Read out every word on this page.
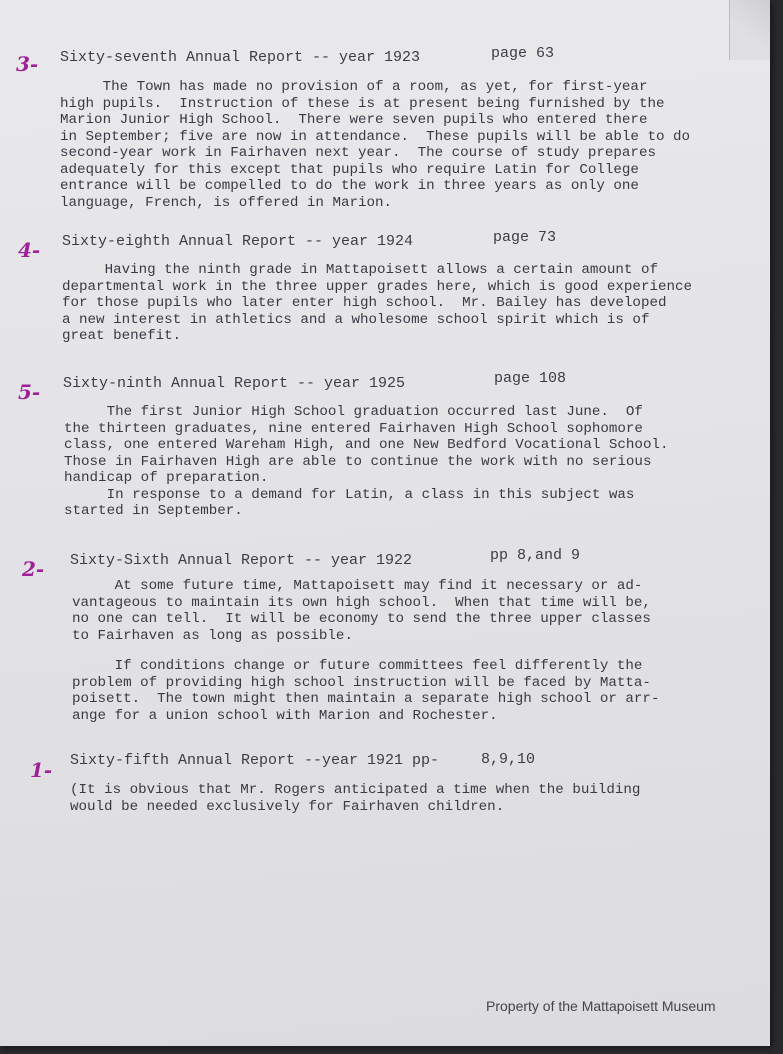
3- Sixty-seventh Annual Report -- year 1923	page 63
The Town has made no provision of a room, as yet, for first-year
high pupils.  Instruction of these is at present being furnished by the
Marion Junior High School.  There were seven pupils who entered there
in September; five are now in attendance.  These pupils will be able to do
second-year work in Fairhaven next year.  The course of study prepares
adequately for this except that pupils who require Latin for College
entrance will be compelled to do the work in three years as only one
language, French, is offered in Marion.
4- Sixty-eighth Annual Report -- year 1924	page 73
Having the ninth grade in Mattapoisett allows a certain amount of
departmental work in the three upper grades here, which is good experience
for those pupils who later enter high school.  Mr. Bailey has developed
a new interest in athletics and a wholesome school spirit which is of
great benefit.
5- Sixty-ninth Annual Report -- year 1925	page 108
The first Junior High School graduation occurred last June.  Of
the thirteen graduates, nine entered Fairhaven High School sophomore
class, one entered Wareham High, and one New Bedford Vocational School.
Those in Fairhaven High are able to continue the work with no serious
handicap of preparation.
In response to a demand for Latin, a class in this subject was
started in September.
2- Sixty-Sixth Annual Report -- year 1922	pp 8,and 9
At some future time, Mattapoisett may find it necessary or ad-
vantageous to maintain its own high school.  When that time will be,
no one can tell.  It will be economy to send the three upper classes
to Fairhaven as long as possible.
If conditions change or future committees feel differently the
problem of providing high school instruction will be faced by Matta-
poisett.  The town might then maintain a separate high school or arr-
ange for a union school with Marion and Rochester.
1- Sixty-fifth Annual Report --year 1921 pp-	8,9,10
(It is obvious that Mr. Rogers anticipated a time when the building
would be needed exclusively for Fairhaven children.
Property of the Mattapoisett Museum
